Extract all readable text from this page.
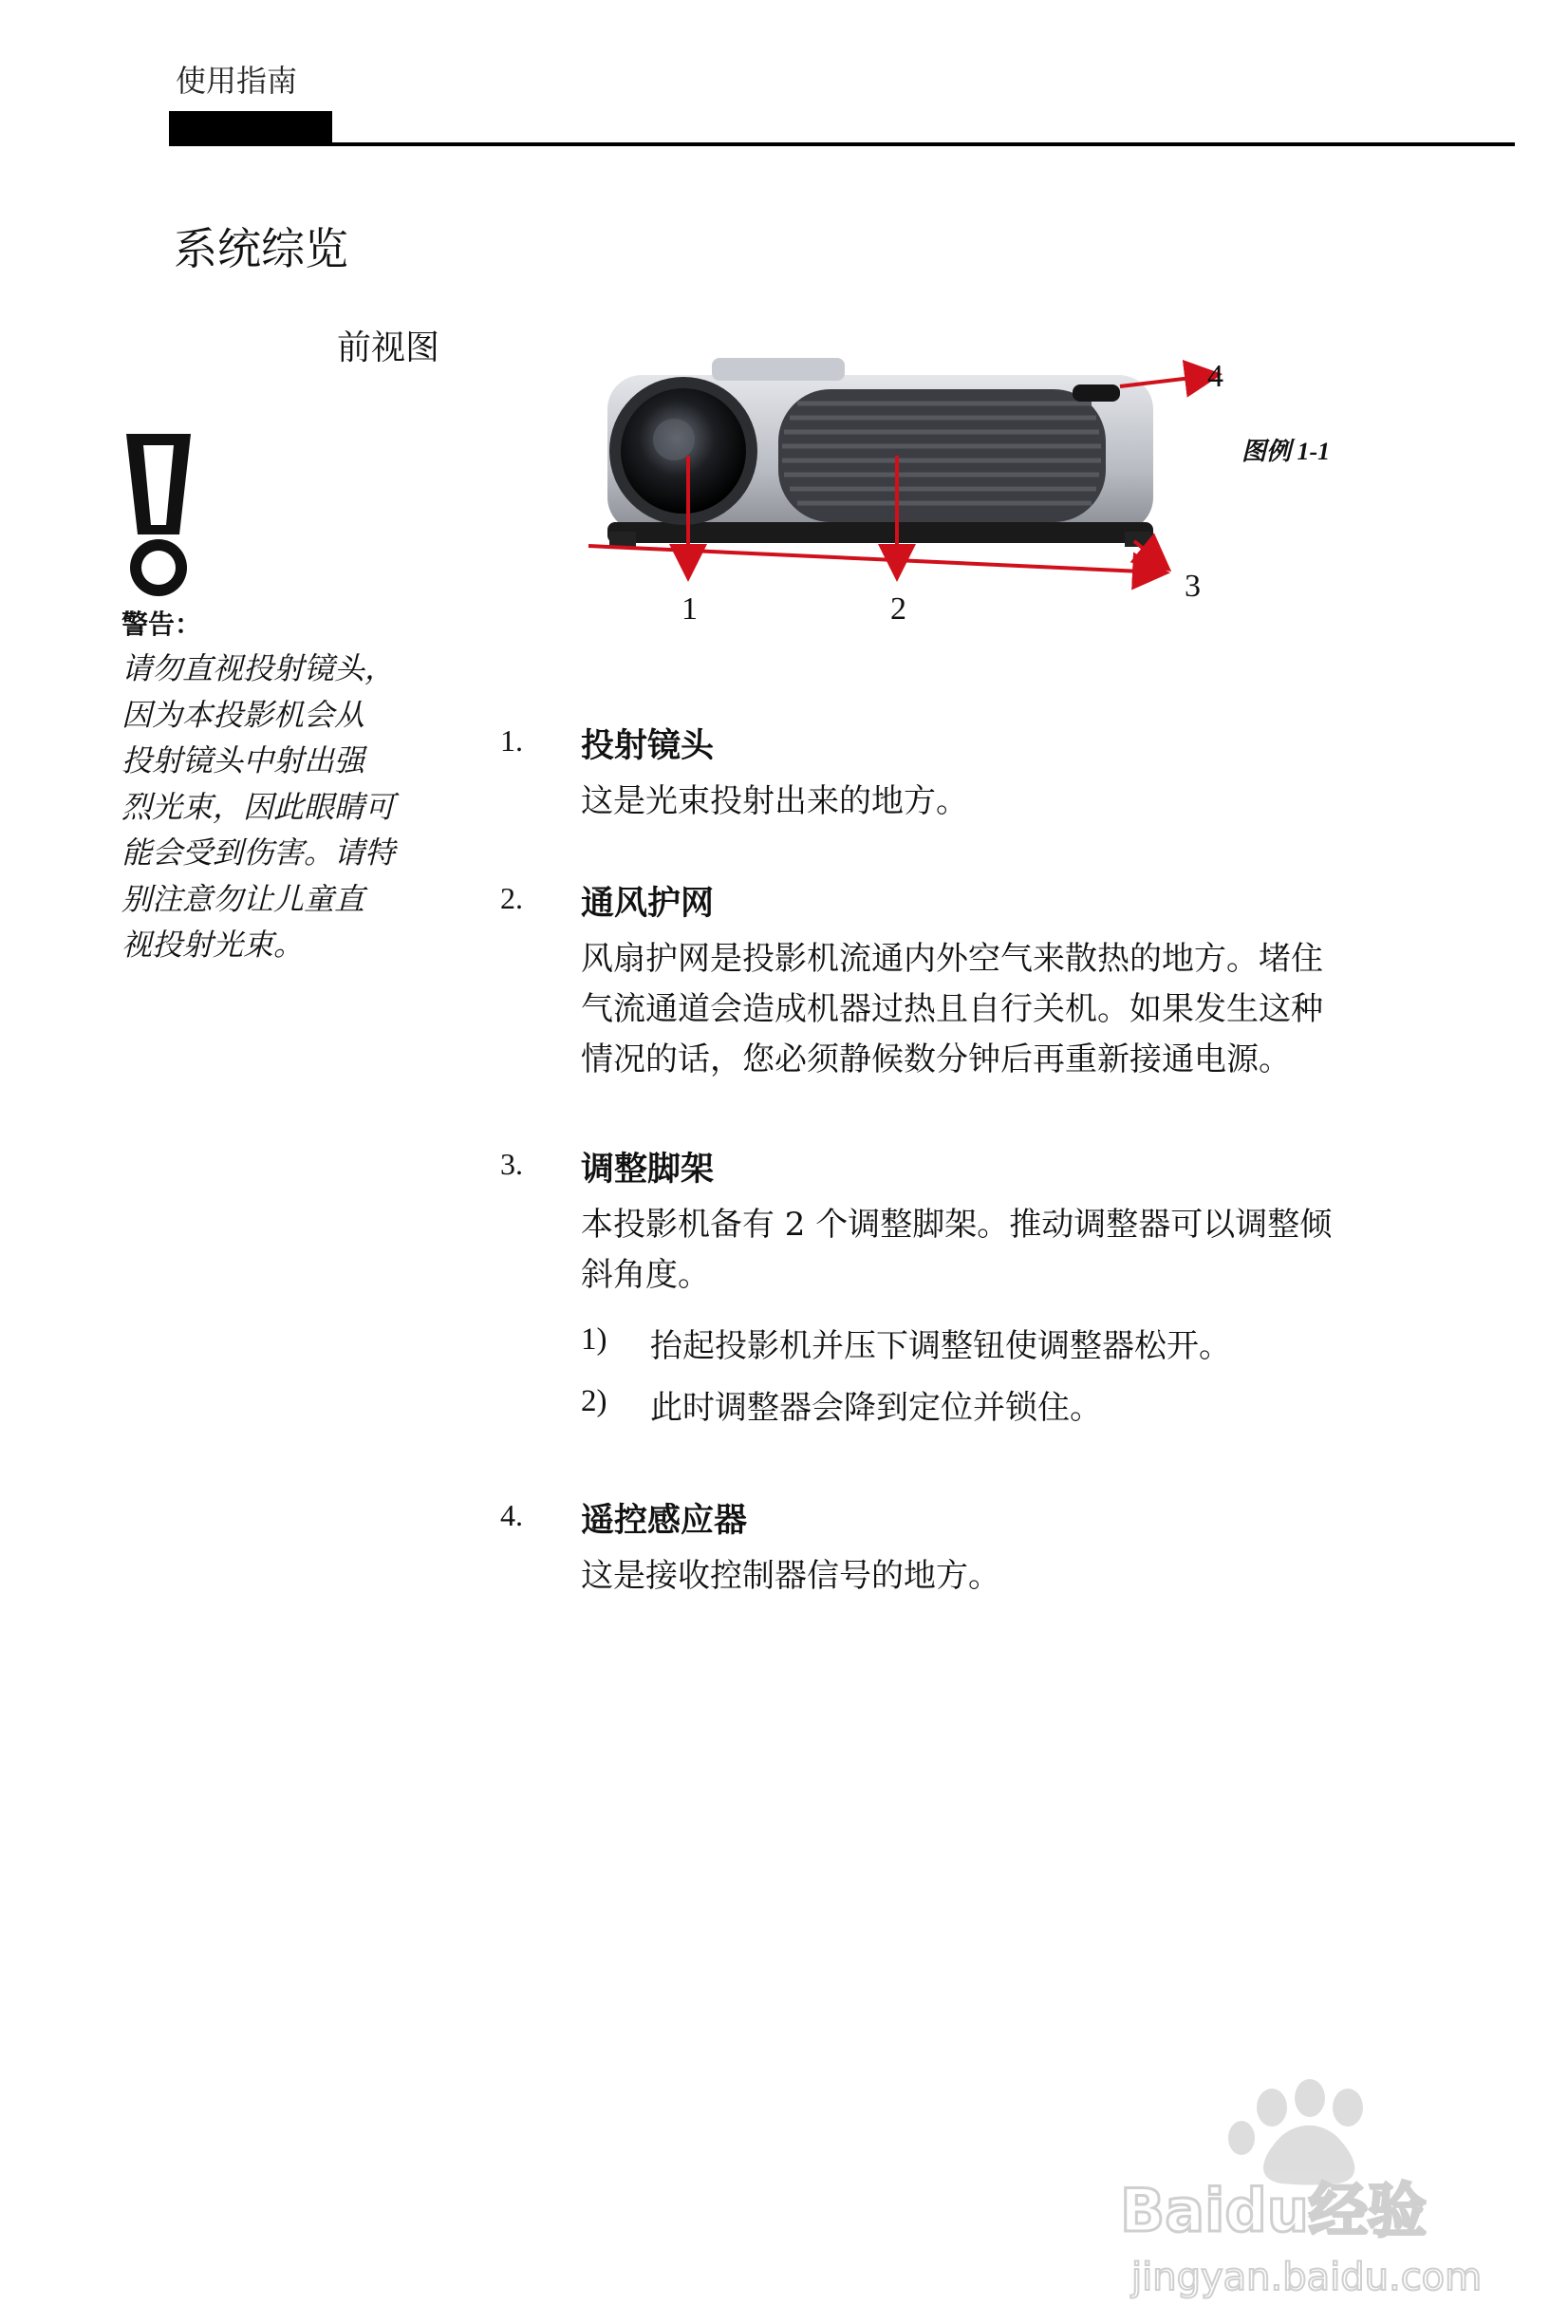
使用指南
系统综览
前视图
警告：
请勿直视投射镜头，
因为本投影机会从
投射镜头中射出强
烈光束，因此眼睛可
能会受到伤害。请特
别注意勿让儿童直
视投射光束。
1	2
3
4
图例 1-1
1. 投射镜头
这是光束投射出来的地方。
2. 通风护网
风扇护网是投影机流通内外空气来散热的地方。堵住
气流通道会造成机器过热且自行关机。如果发生这种
情况的话，您必须静候数分钟后再重新接通电源。
3. 调整脚架
本投影机备有 2 个调整脚架。推动调整器可以调整倾
斜角度。
1) 抬起投影机并压下调整钮使调整器松开。
2) 此时调整器会降到定位并锁住。
4. 遥控感应器
这是接收控制器信号的地方。
Baidu经验
jingyan.baidu.com
